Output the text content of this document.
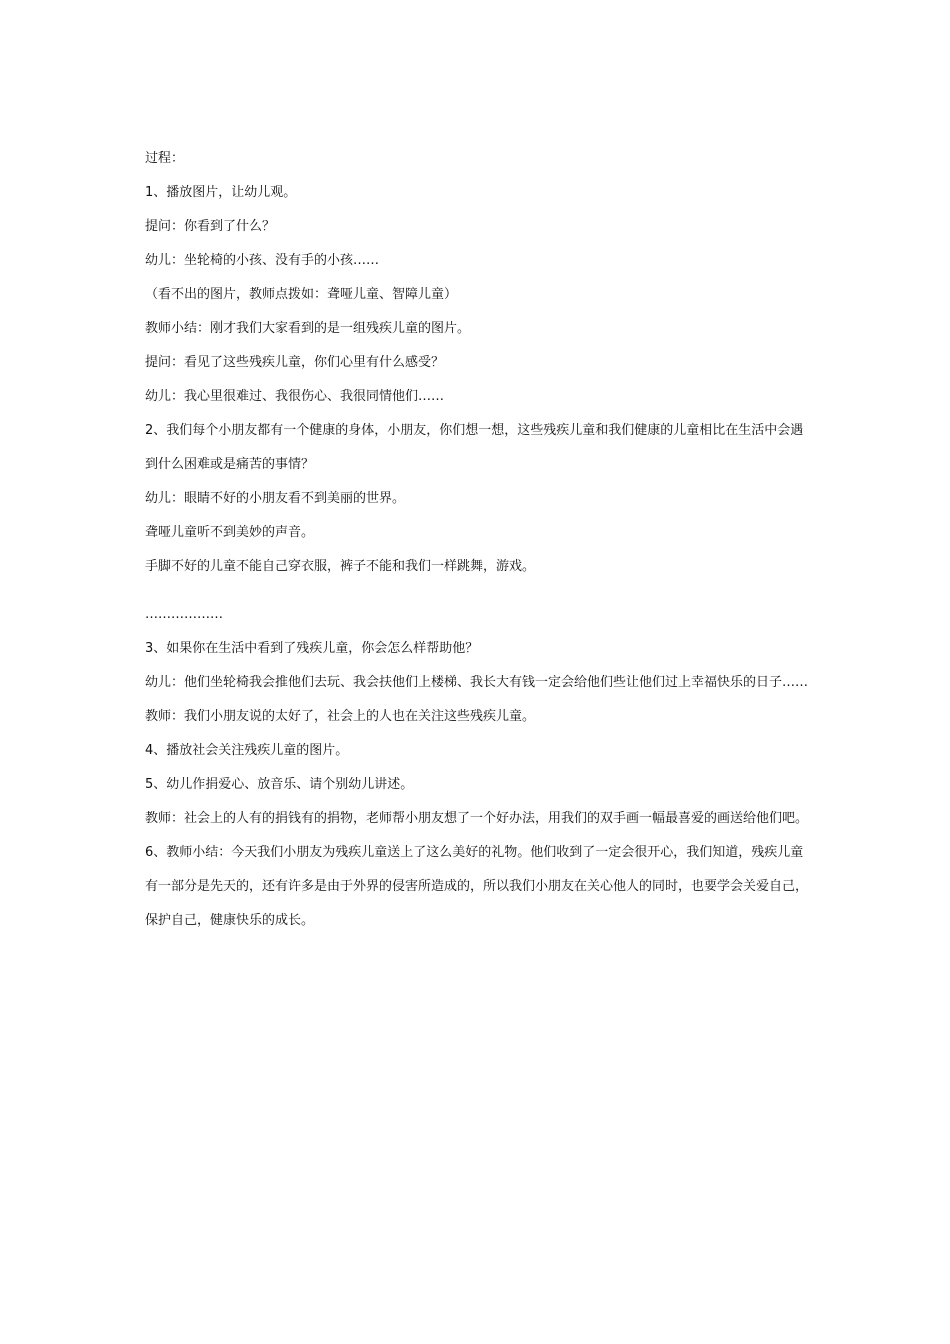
过程：

1、播放图片，让幼儿观。

提问：你看到了什么？

幼儿：坐轮椅的小孩、没有手的小孩……

（看不出的图片，教师点拨如：聋哑儿童、智障儿童）

教师小结：刚才我们大家看到的是一组残疾儿童的图片。

提问：看见了这些残疾儿童，你们心里有什么感受？

幼儿：我心里很难过、我很伤心、我很同情他们……

2、我们每个小朋友都有一个健康的身体，小朋友，你们想一想，这些残疾儿童和我们健康的儿童相比在生活中会遇到什么困难或是痛苦的事情？

幼儿：眼睛不好的小朋友看不到美丽的世界。

聋哑儿童听不到美妙的声音。

手脚不好的儿童不能自己穿衣服，裤子不能和我们一样跳舞，游戏。

………………

3、如果你在生活中看到了残疾儿童，你会怎么样帮助他？

幼儿：他们坐轮椅我会推他们去玩、我会扶他们上楼梯、我长大有钱一定会给他们些让他们过上幸福快乐的日子……

教师：我们小朋友说的太好了，社会上的人也在关注这些残疾儿童。

4、播放社会关注残疾儿童的图片。

5、幼儿作捐爱心、放音乐、请个别幼儿讲述。

教师：社会上的人有的捐钱有的捐物，老师帮小朋友想了一个好办法，用我们的双手画一幅最喜爱的画送给他们吧。

6、教师小结：今天我们小朋友为残疾儿童送上了这么美好的礼物。他们收到了一定会很开心，我们知道，残疾儿童有一部分是先天的，还有许多是由于外界的侵害所造成的，所以我们小朋友在关心他人的同时，也要学会关爱自己，保护自己，健康快乐的成长。
